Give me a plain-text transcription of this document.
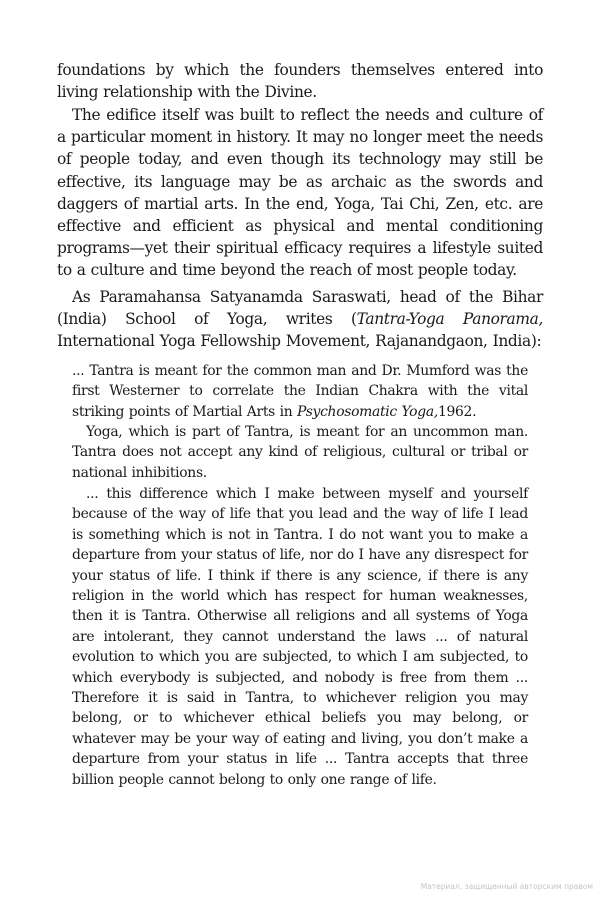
foundations by which the founders themselves entered into living relationship with the Divine.

The edifice itself was built to reflect the needs and culture of a particular moment in history. It may no longer meet the needs of people today, and even though its technology may still be effective, its language may be as archaic as the swords and daggers of martial arts. In the end, Yoga, Tai Chi, Zen, etc. are effective and efficient as physical and mental conditioning programs—yet their spiritual efficacy requires a lifestyle suited to a culture and time beyond the reach of most people today.

As Paramahansa Satyanamda Saraswati, head of the Bihar (India) School of Yoga, writes (Tantra-Yoga Panorama, International Yoga Fellowship Movement, Rajanandgaon, India):

... Tantra is meant for the common man and Dr. Mumford was the first Westerner to correlate the Indian Chakra with the vital striking points of Martial Arts in Psychosomatic Yoga,1962.

Yoga, which is part of Tantra, is meant for an uncommon man. Tantra does not accept any kind of religious, cultural or tribal or national inhibitions.

... this difference which I make between myself and yourself because of the way of life that you lead and the way of life I lead is something which is not in Tantra. I do not want you to make a departure from your status of life, nor do I have any disrespect for your status of life. I think if there is any science, if there is any religion in the world which has respect for human weaknesses, then it is Tantra. Otherwise all religions and all systems of Yoga are intolerant, they cannot understand the laws ... of natural evolution to which you are subjected, to which I am subjected, to which everybody is subjected, and nobody is free from them ... Therefore it is said in Tantra, to whichever religion you may belong, or to whichever ethical beliefs you may belong, or whatever may be your way of eating and living, you don’t make a departure from your status in life ... Tantra accepts that three billion people cannot belong to only one range of life.

Материал, защищенный авторским правом
